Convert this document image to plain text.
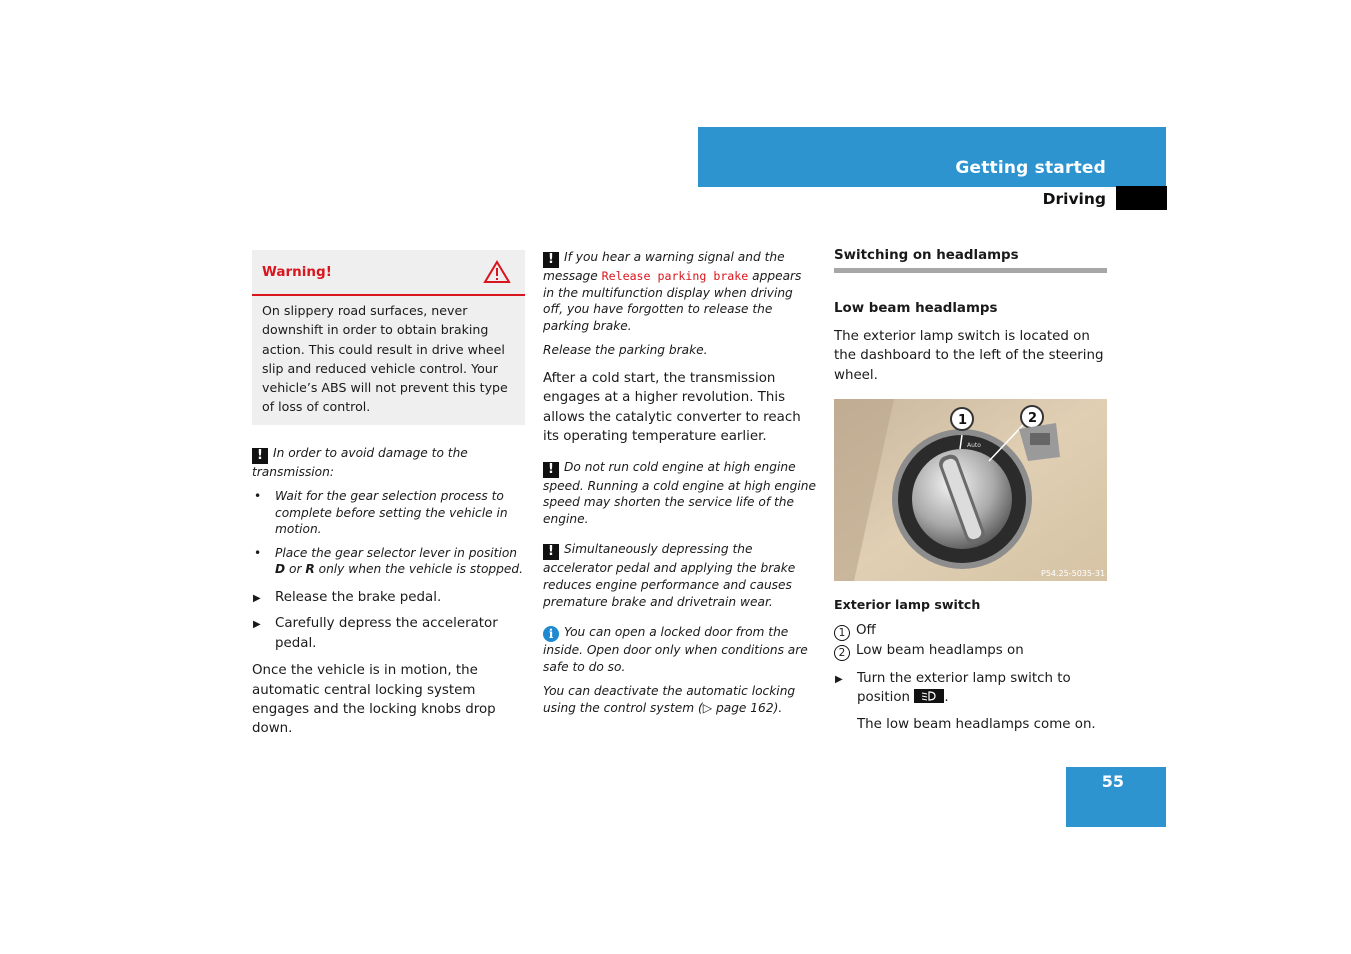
Getting started
Driving
Warning!
On slippery road surfaces, never downshift in order to obtain braking action. This could result in drive wheel slip and reduced vehicle control. Your vehicle’s ABS will not prevent this type of loss of control.
! In order to avoid damage to the transmission:
• Wait for the gear selection process to complete before setting the vehicle in motion.
• Place the gear selector lever in position D or R only when the vehicle is stopped.
▶ Release the brake pedal.
▶ Carefully depress the accelerator pedal.

Once the vehicle is in motion, the automatic central locking system engages and the locking knobs drop down.

! If you hear a warning signal and the message Release parking brake appears in the multifunction display when driving off, you have forgotten to release the parking brake.
Release the parking brake.

After a cold start, the transmission engages at a higher revolution. This allows the catalytic converter to reach its operating temperature earlier.

! Do not run cold engine at high engine speed. Running a cold engine at high engine speed may shorten the service life of the engine.
! Simultaneously depressing the accelerator pedal and applying the brake reduces engine performance and causes premature brake and drivetrain wear.
i You can open a locked door from the inside. Open door only when conditions are safe to do so.
You can deactivate the automatic locking using the control system (▷ page 162).
Switching on headlamps
Low beam headlamps

The exterior lamp switch is located on the dashboard to the left of the steering wheel.

Auto
1	2
P54.25-5035-31
Exterior lamp switch
1 Off
2 Low beam headlamps on
▶ Turn the exterior lamp switch to position	.

The low beam headlamps come on.

55
